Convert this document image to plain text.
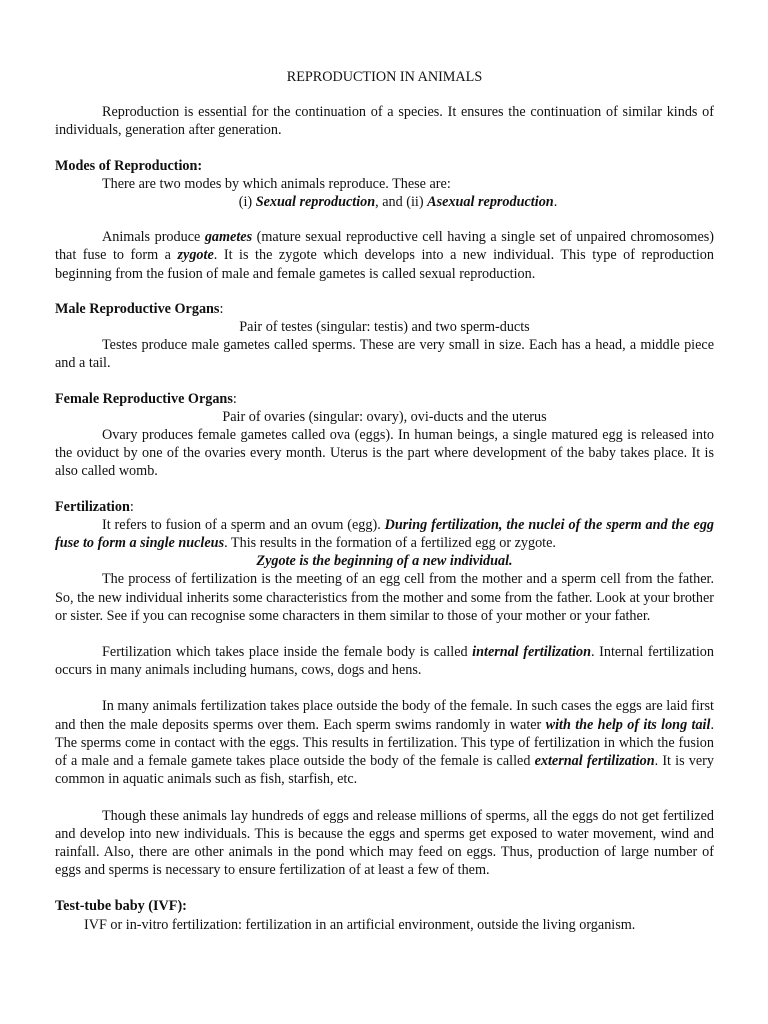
REPRODUCTION IN ANIMALS

Reproduction is essential for the continuation of a species. It ensures the continuation of similar kinds of individuals, generation after generation.

Modes of Reproduction:

There are two modes by which animals reproduce. These are:

(i) Sexual reproduction, and (ii) Asexual reproduction.

Animals produce gametes (mature sexual reproductive cell having a single set of unpaired chromosomes) that fuse to form a zygote. It is the zygote which develops into a new individual. This type of reproduction beginning from the fusion of male and female gametes is called sexual reproduction.

Male Reproductive Organs:

Pair of testes (singular: testis) and two sperm-ducts

Testes produce male gametes called sperms. These are very small in size. Each has a head, a middle piece and a tail.

Female Reproductive Organs:

Pair of ovaries (singular: ovary), ovi-ducts and the uterus

Ovary produces female gametes called ova (eggs). In human beings, a single matured egg is released into the oviduct by one of the ovaries every month. Uterus is the part where development of the baby takes place. It is also called womb.

Fertilization:

It refers to fusion of a sperm and an ovum (egg). During fertilization, the nuclei of the sperm and the egg fuse to form a single nucleus. This results in the formation of a fertilized egg or zygote.

Zygote is the beginning of a new individual.

The process of fertilization is the meeting of an egg cell from the mother and a sperm cell from the father. So, the new individual inherits some characteristics from the mother and some from the father. Look at your brother or sister. See if you can recognise some characters in them similar to those of your mother or your father.

Fertilization which takes place inside the female body is called internal fertilization. Internal fertilization occurs in many animals including humans, cows, dogs and hens.

In many animals fertilization takes place outside the body of the female. In such cases the eggs are laid first and then the male deposits sperms over them. Each sperm swims randomly in water with the help of its long tail. The sperms come in contact with the eggs. This results in fertilization. This type of fertilization in which the fusion of a male and a female gamete takes place outside the body of the female is called external fertilization. It is very common in aquatic animals such as fish, starfish, etc.

Though these animals lay hundreds of eggs and release millions of sperms, all the eggs do not get fertilized and develop into new individuals. This is because the eggs and sperms get exposed to water movement, wind and rainfall. Also, there are other animals in the pond which may feed on eggs. Thus, production of large number of eggs and sperms is necessary to ensure fertilization of at least a few of them.

Test-tube baby (IVF):

IVF or in-vitro fertilization: fertilization in an artificial environment, outside the living organism.
